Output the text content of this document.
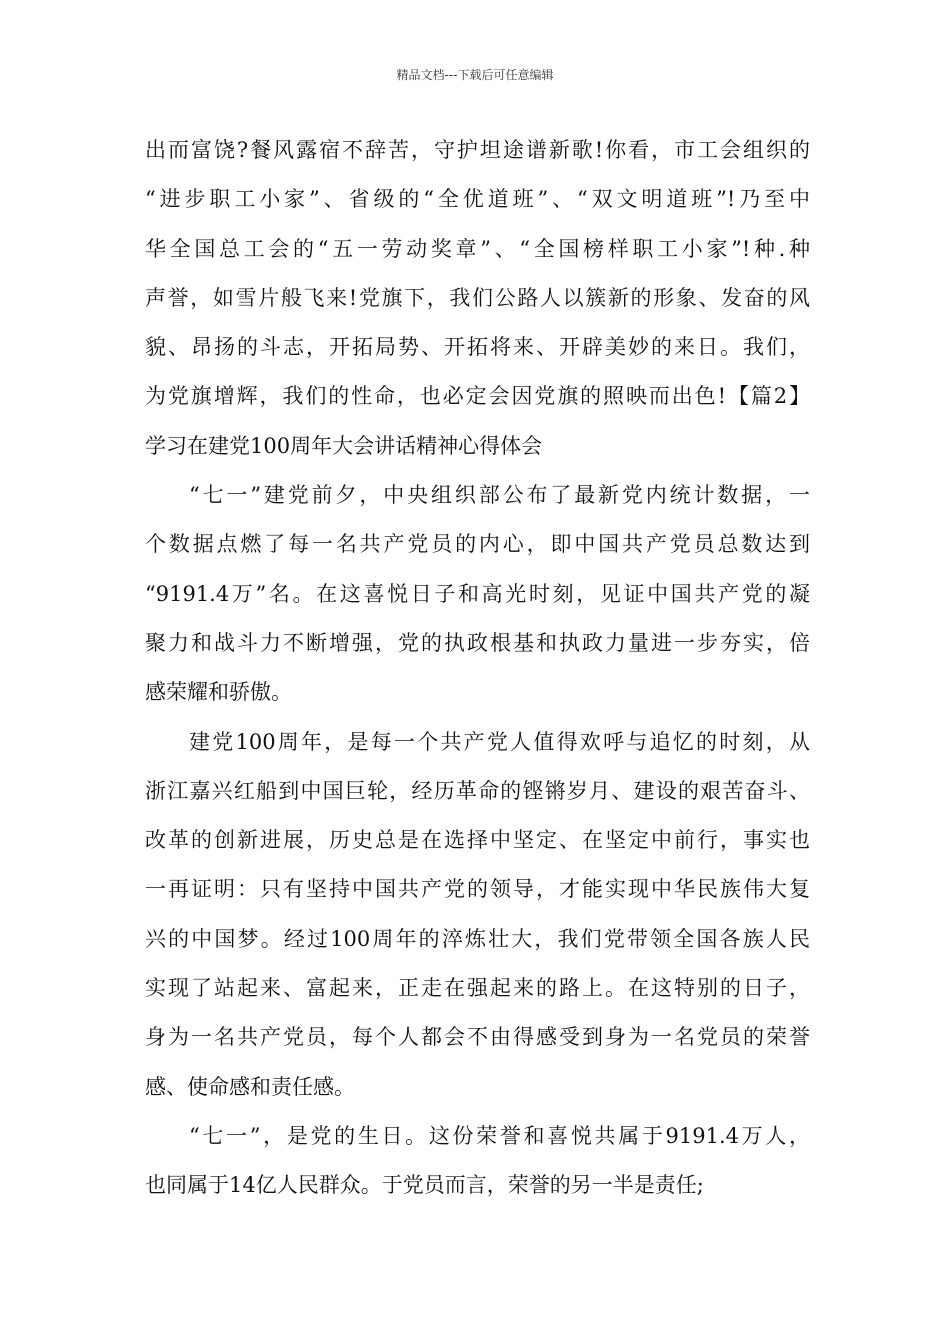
精品文档---下载后可任意编辑
出而富饶?餐风露宿不辞苦，守护坦途谱新歌!你看，市工会组织的
“进步职工小家”、省级的“全优道班”、“双文明道班”!乃至中
华全国总工会的“五一劳动奖章”、“全国榜样职工小家”!种.种
声誉，如雪片般飞来!党旗下，我们公路人以簇新的形象、发奋的风
貌、昂扬的斗志，开拓局势、开拓将来、开辟美妙的来日。我们，
为党旗增辉，我们的性命，也必定会因党旗的照映而出色!【篇2】
学习在建党100周年大会讲话精神心得体会
“七一”建党前夕，中央组织部公布了最新党内统计数据，一
个数据点燃了每一名共产党员的内心，即中国共产党员总数达到
“9191.4万”名。在这喜悦日子和高光时刻，见证中国共产党的凝
聚力和战斗力不断增强，党的执政根基和执政力量进一步夯实，倍
感荣耀和骄傲。
建党100周年，是每一个共产党人值得欢呼与追忆的时刻，从
浙江嘉兴红船到中国巨轮，经历革命的铿锵岁月、建设的艰苦奋斗、
改革的创新进展，历史总是在选择中坚定、在坚定中前行，事实也
一再证明：只有坚持中国共产党的领导，才能实现中华民族伟大复
兴的中国梦。经过100周年的淬炼壮大，我们党带领全国各族人民
实现了站起来、富起来，正走在强起来的路上。在这特别的日子，
身为一名共产党员，每个人都会不由得感受到身为一名党员的荣誉
感、使命感和责任感。
“七一”，是党的生日。这份荣誉和喜悦共属于9191.4万人，
也同属于14亿人民群众。于党员而言，荣誉的另一半是责任;
